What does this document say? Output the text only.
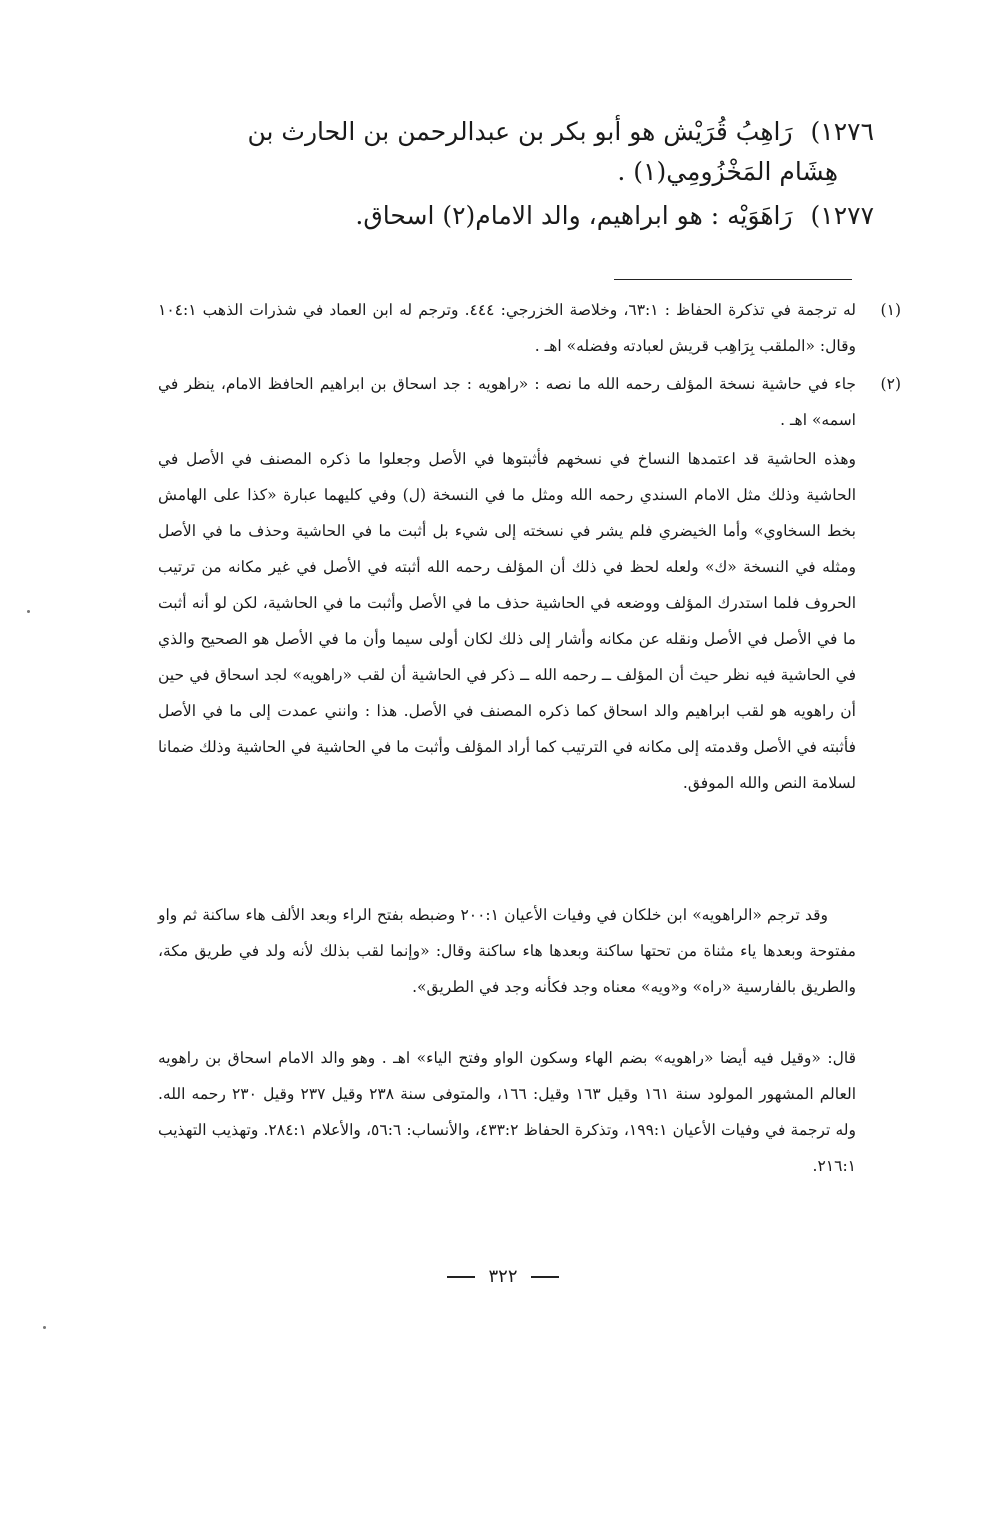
١٢٧٦) رَاهِبُ قُرَيْش هو أبو بكر بن عبدالرحمن بن الحارث بن
هِشَام المَخْزُومِي(١) .
١٢٧٧) رَاهَوَيْه : هو ابراهيم، والد الامام(٢) اسحاق.
(١)
له ترجمة في تذكرة الحفاظ : ٦٣:١، وخلاصة الخزرجي: ٤٤٤. وترجم له ابن العماد في شذرات الذهب ١٠٤:١ وقال: «الملقب بِرَاهِب قريش لعبادته وفضله» اهـ .
(٢)
جاء في حاشية نسخة المؤلف رحمه الله ما نصه : «راهويه : جد اسحاق بن ابراهيم الحافظ الامام، ينظر في اسمه» اهـ .
وهذه الحاشية قد اعتمدها النساخ في نسخهم فأثبتوها في الأصل وجعلوا ما ذكره المصنف في الأصل في الحاشية وذلك مثل الامام السندي رحمه الله ومثل ما في النسخة (ل) وفي كليهما عبارة «كذا على الهامش بخط السخاوي» وأما الخيضري فلم يشر في نسخته إلى شيء بل أثبت ما في الحاشية وحذف ما في الأصل ومثله في النسخة «ك» ولعله لحظ في ذلك أن المؤلف رحمه الله أثبته في الأصل في غير مكانه من ترتيب الحروف فلما استدرك المؤلف ووضعه في الحاشية حذف ما في الأصل وأثبت ما في الحاشية، لكن لو أنه أثبت ما في الأصل في الأصل ونقله عن مكانه وأشار إلى ذلك لكان أولى سيما وأن ما في الأصل هو الصحيح والذي في الحاشية فيه نظر حيث أن المؤلف ــ رحمه الله ــ ذكر في الحاشية أن لقب «راهويه» لجد اسحاق في حين أن راهويه هو لقب ابراهيم والد اسحاق كما ذكره المصنف في الأصل. هذا : وانني عمدت إلى ما في الأصل فأثبته في الأصل وقدمته إلى مكانه في الترتيب كما أراد المؤلف وأثبت ما في الحاشية في الحاشية وذلك ضمانا لسلامة النص والله الموفق.
وقد ترجم «الراهويه» ابن خلكان في وفيات الأعيان ٢٠٠:١ وضبطه بفتح الراء وبعد الألف هاء ساكنة ثم واو مفتوحة وبعدها ياء مثناة من تحتها ساكنة وبعدها هاء ساكنة وقال: «وإنما لقب بذلك لأنه ولد في طريق مكة، والطريق بالفارسية «راه» و«ويه» معناه وجد فكأنه وجد في الطريق».
قال: «وقيل فيه أيضا «راهويه» بضم الهاء وسكون الواو وفتح الياء» اهـ . وهو والد الامام اسحاق بن راهويه العالم المشهور المولود سنة ١٦١ وقيل ١٦٣ وقيل: ١٦٦، والمتوفى سنة ٢٣٨ وقيل ٢٣٧ وقيل ٢٣٠ رحمه الله. وله ترجمة في وفيات الأعيان ١٩٩:١، وتذكرة الحفاظ ٤٣٣:٢، والأنساب: ٥٦:٦، والأعلام ٢٨٤:١. وتهذيب التهذيب ٢١٦:١.
٣٢٢
